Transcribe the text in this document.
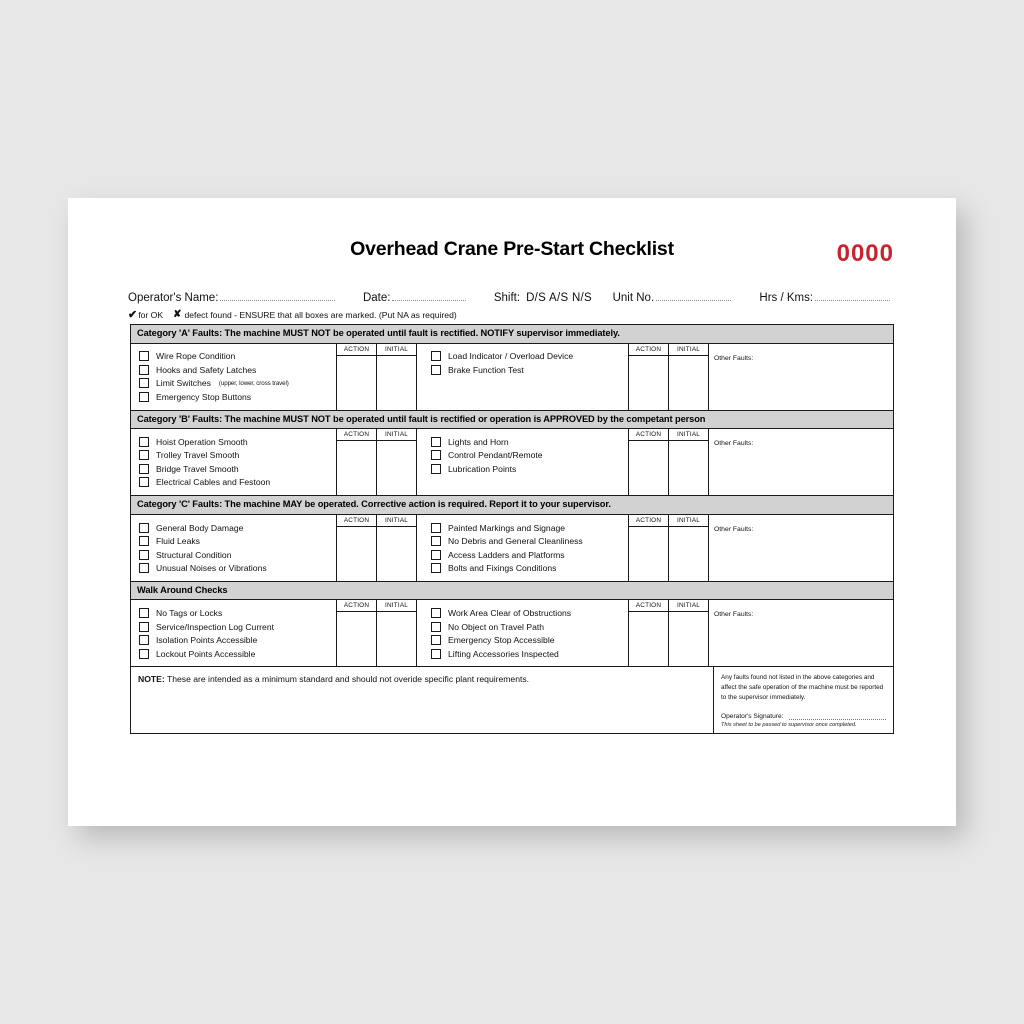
Overhead Crane Pre-Start Checklist	0000
Operator's Name:	Date:	Shift: D/S A/S N/S Unit No.	Hrs / Kms:
✔ for OK ✘ defect found - ENSURE that all boxes are marked. (Put NA as required)
Category 'A' Faults: The machine MUST NOT be operated until fault is rectified. NOTIFY supervisor immediately.
Wire Rope Condition
Hooks and Safety Latches
Limit Switches (upper, lower, cross travel)
Emergency Stop Buttons
ACTION	INITIAL
Load Indicator / Overload Device
Brake Function Test
ACTION	INITIAL
Other Faults:
Category 'B' Faults: The machine MUST NOT be operated until fault is rectified or operation is APPROVED by the competant person
Hoist Operation Smooth
Trolley Travel Smooth
Bridge Travel Smooth
Electrical Cables and Festoon
ACTION	INITIAL
Lights and Horn
Control Pendant/Remote
Lubrication Points
ACTION	INITIAL
Other Faults:
Category 'C' Faults: The machine MAY be operated. Corrective action is required. Report it to your supervisor.
General Body Damage
Fluid Leaks
Structural Condition
Unusual Noises or Vibrations
ACTION	INITIAL
Painted Markings and Signage
No Debris and General Cleanliness
Access Ladders and Platforms
Bolts and Fixings Conditions
ACTION	INITIAL
Other Faults:
Walk Around Checks
No Tags or Locks
Service/Inspection Log Current
Isolation Points Accessible
Lockout Points Accessible
ACTION	INITIAL
Work Area Clear of Obstructions
No Object on Travel Path
Emergency Stop Accessible
Lifting Accessories Inspected
ACTION	INITIAL
Other Faults:
NOTE: These are intended as a minimum standard and should not overide specific plant requirements.	Any faults found not listed in the above categories and affect the safe operation of the machine must be reported to the supervisor immediately.
Operator's Signature:
This sheet to be passed to supervisor once completed.
